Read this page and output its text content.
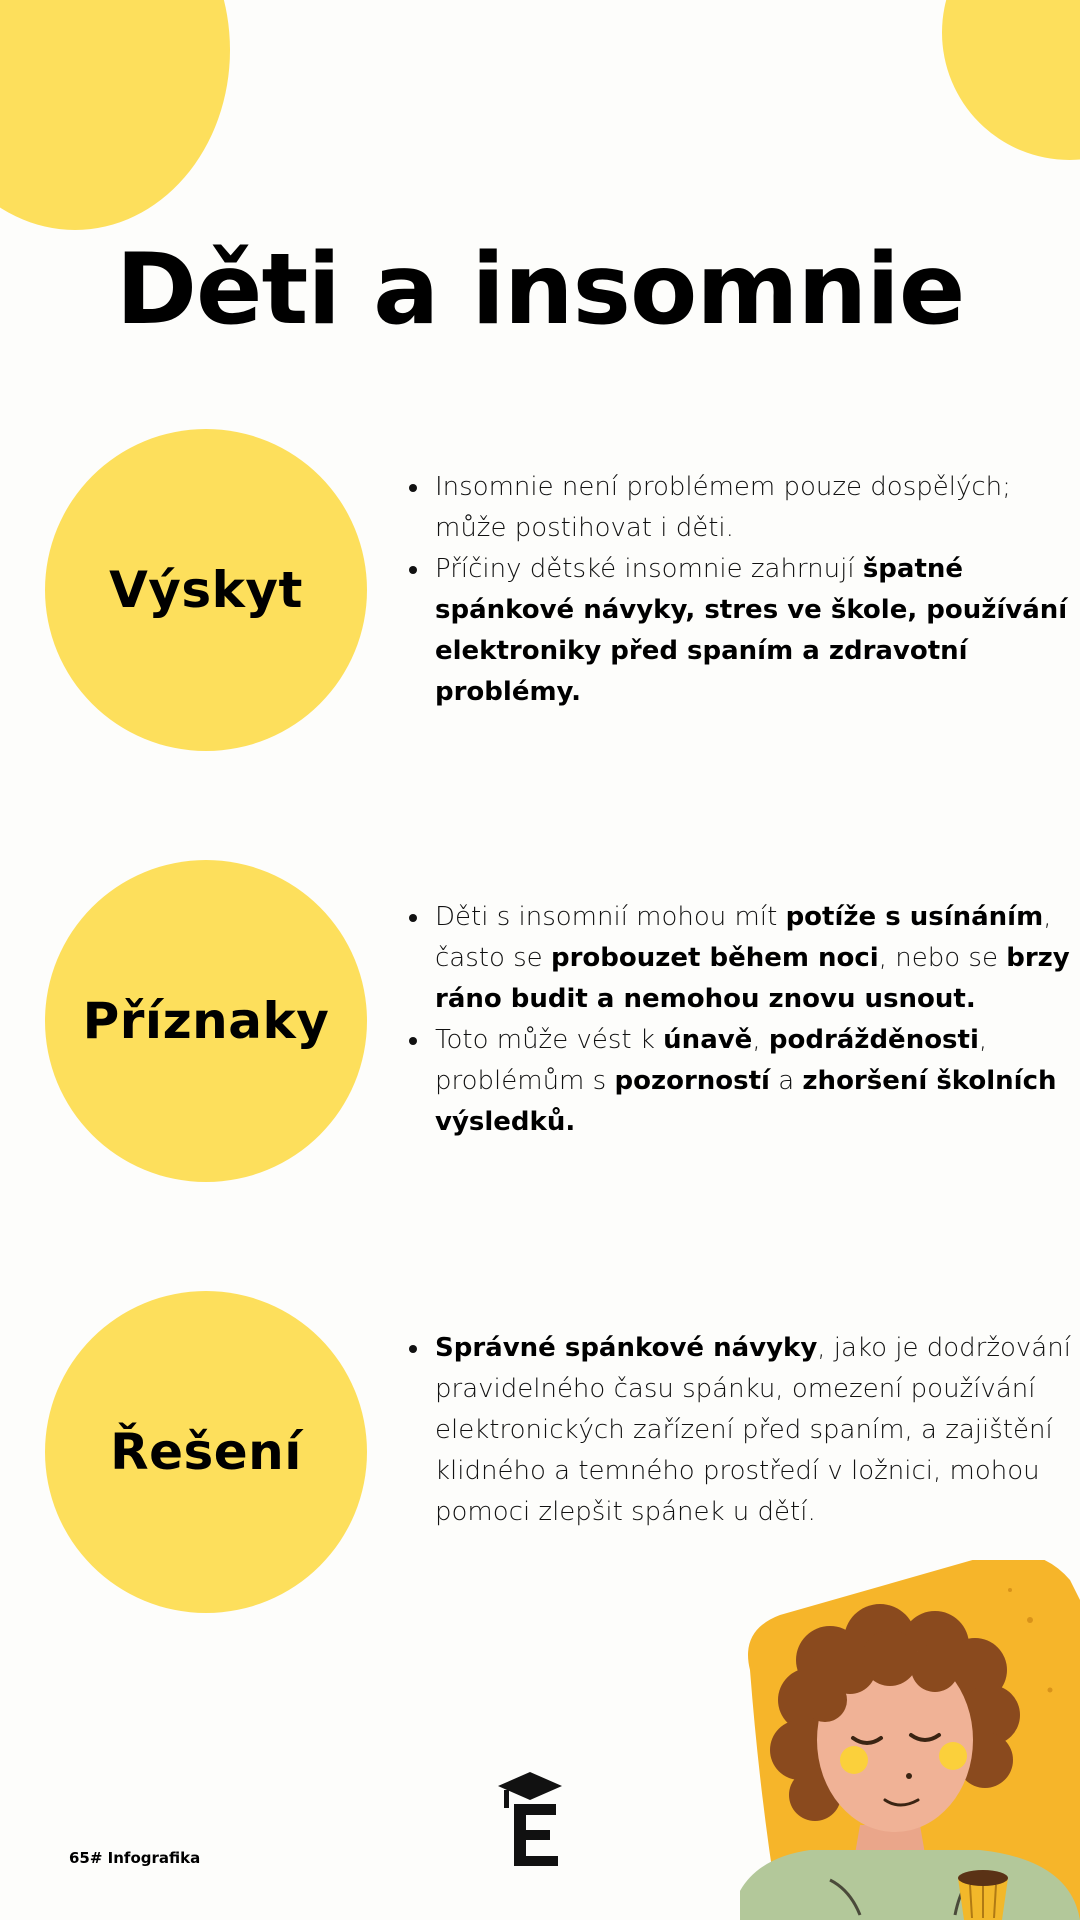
Děti a insomnie
Výskyt
Insomnie není problémem pouze dospělých; může postihovat i děti.
Příčiny dětské insomnie zahrnují špatné spánkové návyky, stres ve škole, používání elektroniky před spaním a zdravotní problémy.
Příznaky
Děti s insomnií mohou mít potíže s usínáním, často se probouzet během noci, nebo se brzy ráno budit a nemohou znovu usnout.
Toto může vést k únavě, podrážděnosti, problémům s pozorností a zhoršení školních výsledků.
Řešení
Správné spánkové návyky, jako je dodržování pravidelného času spánku, omezení používání elektronických zařízení před spaním, a zajištění klidného a temného prostředí v ložnici, mohou pomoci zlepšit spánek u dětí.
65# Infografika
